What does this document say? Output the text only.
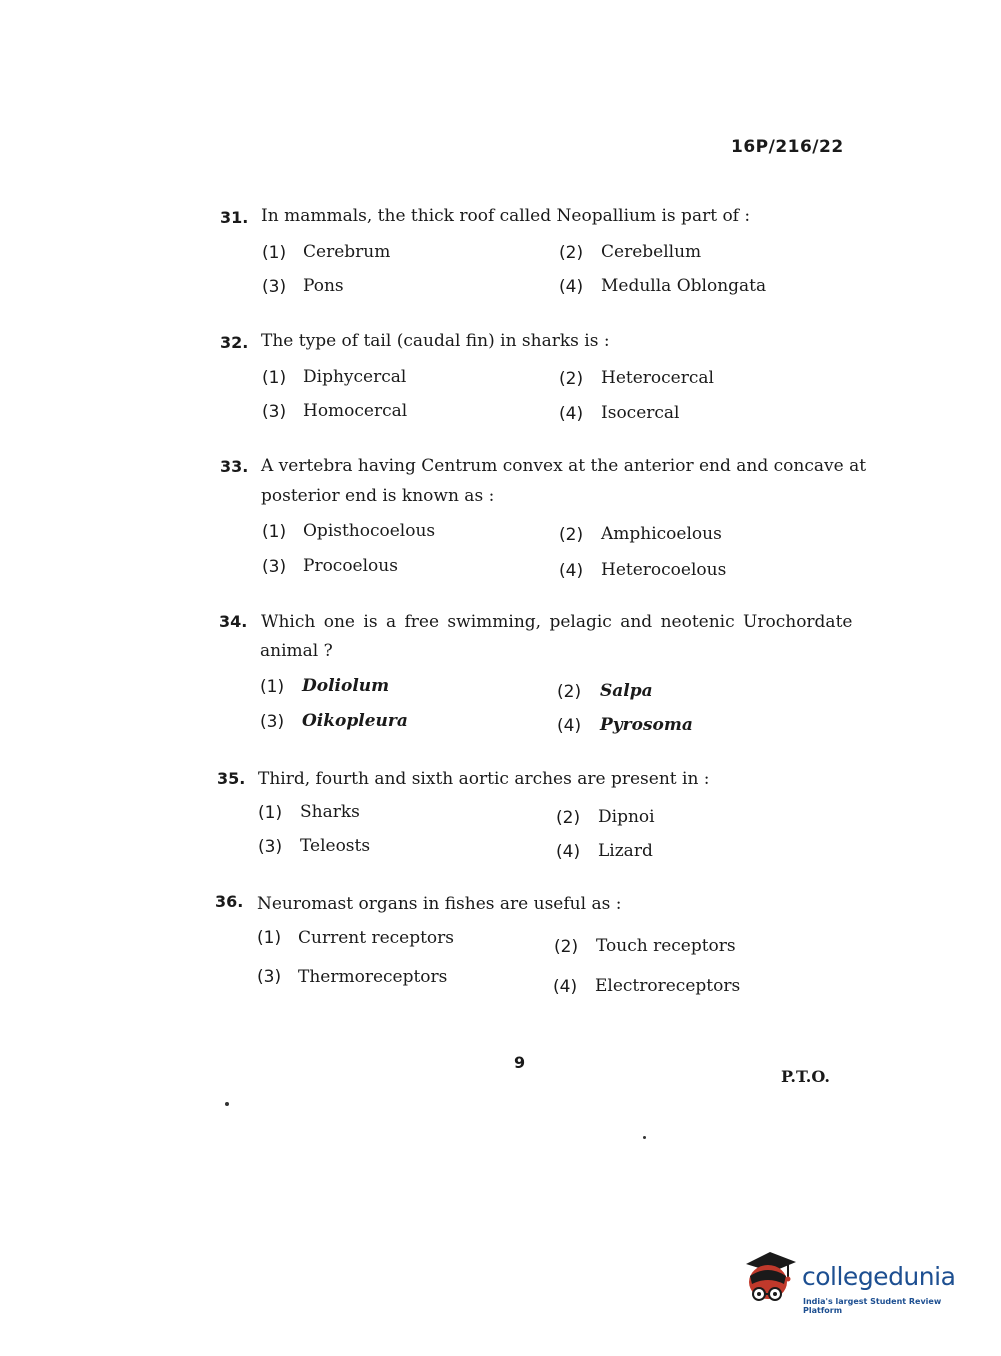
16P/216/22
31. In mammals, the thick roof called Neopallium is part of :
(1) Cerebrum	(2) Cerebellum
(3) Pons	(4) Medulla Oblongata
32. The type of tail (caudal fin) in sharks is :
(1) Diphycercal	(2) Heterocercal
(3) Homocercal	(4) Isocercal
33. A vertebra having Centrum convex at the anterior end and concave at
posterior end is known as :
(1) Opisthocoelous	(2) Amphicoelous
(3) Procoelous	(4) Heterocoelous
34. Which one is a free swimming, pelagic and neotenic Urochordate
animal ?
(1) Doliolum	(2) Salpa
(3) Oikopleura	(4) Pyrosoma
35. Third, fourth and sixth aortic arches are present in :
(1) Sharks	(2) Dipnoi
(3) Teleosts	(4) Lizard
36. Neuromast organs in fishes are useful as :
(1) Current receptors	(2) Touch receptors
(3) Thermoreceptors	(4) Electroreceptors
9
P.T.O.
collegedunia
India's largest Student Review Platform
